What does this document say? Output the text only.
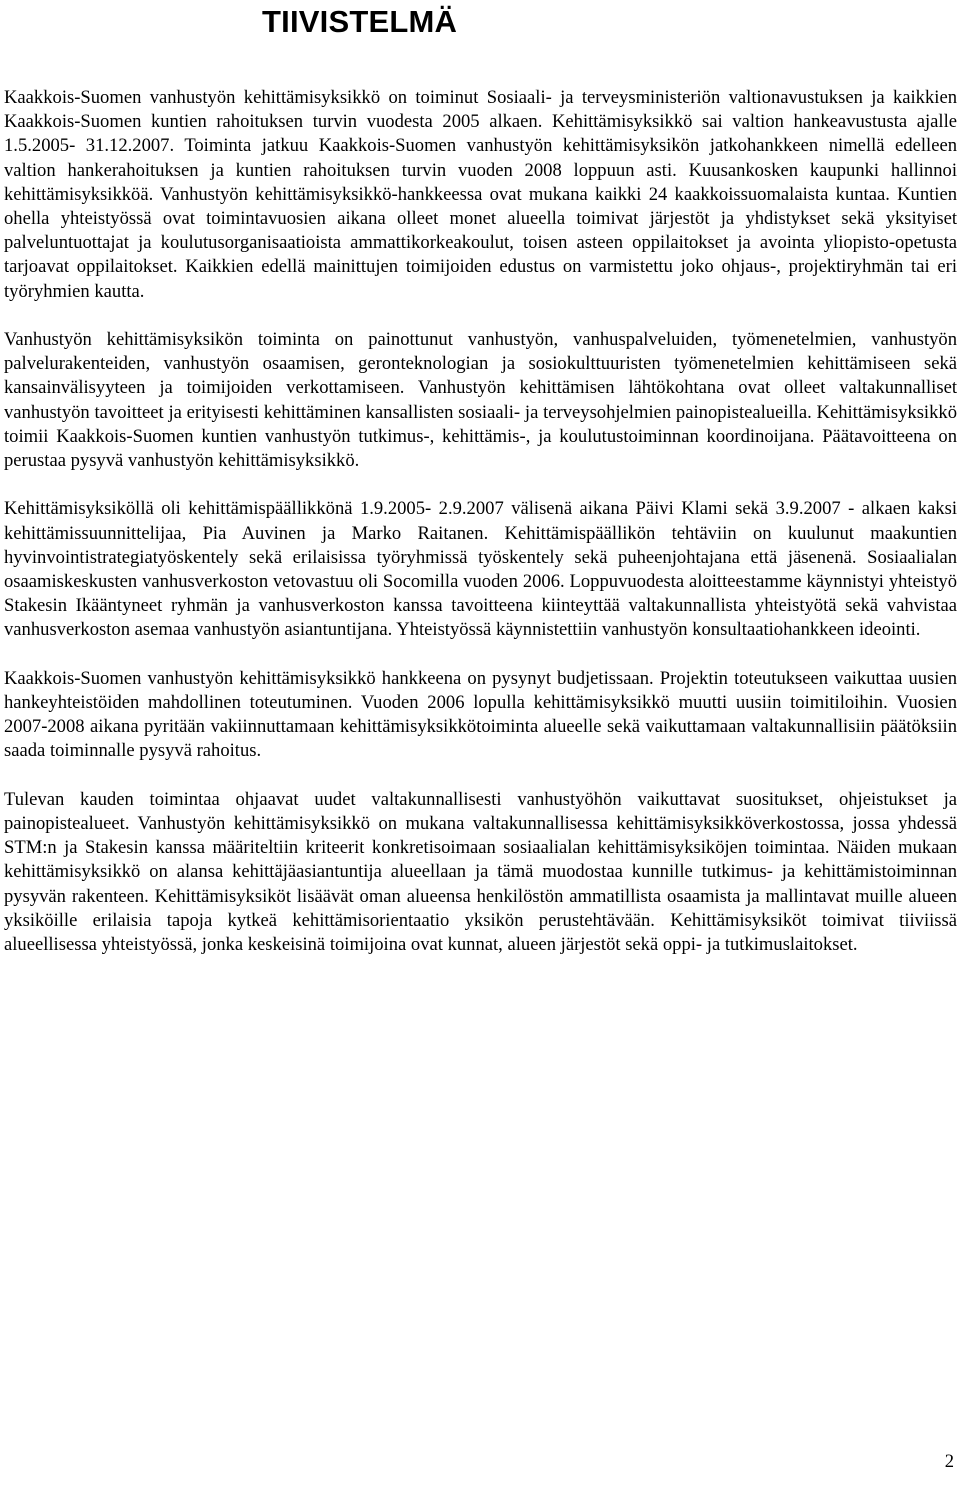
TIIVISTELMÄ

Kaakkois-Suomen vanhustyön kehittämisyksikkö on toiminut Sosiaali- ja terveysministeriön valtionavustuksen ja kaikkien Kaakkois-Suomen kuntien rahoituksen turvin vuodesta 2005 alkaen. Kehittämisyksikkö sai valtion hankeavustusta ajalle 1.5.2005- 31.12.2007. Toiminta jatkuu Kaakkois-Suomen vanhustyön kehittämisyksikön jatkohankkeen nimellä edelleen valtion hankerahoituksen ja kuntien rahoituksen turvin vuoden 2008 loppuun asti. Kuusankosken kaupunki hallinnoi kehittämisyksikköä. Vanhustyön kehittämisyksikkö-hankkeessa ovat mukana kaikki 24 kaakkoissuomalaista kuntaa. Kuntien ohella yhteistyössä ovat toimintavuosien aikana olleet monet alueella toimivat järjestöt ja yhdistykset sekä yksityiset palveluntuottajat ja koulutusorganisaatioista ammattikorkeakoulut, toisen asteen oppilaitokset ja avointa yliopisto-opetusta tarjoavat oppilaitokset. Kaikkien edellä mainittujen toimijoiden edustus on varmistettu joko ohjaus-, projektiryhmän tai eri työryhmien kautta.

Vanhustyön kehittämisyksikön toiminta on painottunut vanhustyön, vanhuspalveluiden, työmenetelmien, vanhustyön palvelurakenteiden, vanhustyön osaamisen, geronteknologian ja sosiokulttuuristen työmenetelmien kehittämiseen sekä kansainvälisyyteen ja toimijoiden verkottamiseen. Vanhustyön kehittämisen lähtökohtana ovat olleet valtakunnalliset vanhustyön tavoitteet ja erityisesti kehittäminen kansallisten sosiaali- ja terveysohjelmien painopistealueilla. Kehittämisyksikkö toimii Kaakkois-Suomen kuntien vanhustyön tutkimus-, kehittämis-, ja koulutustoiminnan koordinoijana. Päätavoitteena on perustaa pysyvä vanhustyön kehittämisyksikkö.

Kehittämisyksiköllä oli kehittämispäällikkönä 1.9.2005- 2.9.2007 välisenä aikana Päivi Klami sekä 3.9.2007 - alkaen kaksi kehittämissuunnittelijaa, Pia Auvinen ja Marko Raitanen. Kehittämispäällikön tehtäviin on kuulunut maakuntien hyvinvointistrategiatyöskentely sekä erilaisissa työryhmissä työskentely sekä puheenjohtajana että jäsenenä. Sosiaalialan osaamiskeskusten vanhusverkoston vetovastuu oli Socomilla vuoden 2006. Loppuvuodesta aloitteestamme käynnistyi yhteistyö Stakesin Ikääntyneet ryhmän ja vanhusverkoston kanssa tavoitteena kiinteyttää valtakunnallista yhteistyötä sekä vahvistaa vanhusverkoston asemaa vanhustyön asiantuntijana. Yhteistyössä käynnistettiin vanhustyön konsultaatiohankkeen ideointi.

Kaakkois-Suomen vanhustyön kehittämisyksikkö hankkeena on pysynyt budjetissaan. Projektin toteutukseen vaikuttaa uusien hankeyhteistöiden mahdollinen toteutuminen. Vuoden 2006 lopulla kehittämisyksikkö muutti uusiin toimitiloihin. Vuosien 2007-2008 aikana pyritään vakiinnuttamaan kehittämisyksikkötoiminta alueelle sekä vaikuttamaan valtakunnallisiin päätöksiin saada toiminnalle pysyvä rahoitus.

Tulevan kauden toimintaa ohjaavat uudet valtakunnallisesti vanhustyöhön vaikuttavat suositukset, ohjeistukset ja painopistealueet. Vanhustyön kehittämisyksikkö on mukana valtakunnallisessa kehittämisyksikköverkostossa, jossa yhdessä STM:n ja Stakesin kanssa määriteltiin kriteerit konkretisoimaan sosiaalialan kehittämisyksiköjen toimintaa. Näiden mukaan kehittämisyksikkö on alansa kehittäjäasiantuntija alueellaan ja tämä muodostaa kunnille tutkimus- ja kehittämistoiminnan pysyvän rakenteen. Kehittämisyksiköt lisäävät oman alueensa henkilöstön ammatillista osaamista ja mallintavat muille alueen yksiköille erilaisia tapoja kytkeä kehittämisorientaatio yksikön perustehtävään. Kehittämisyksiköt toimivat tiiviissä alueellisessa yhteistyössä, jonka keskeisinä toimijoina ovat kunnat, alueen järjestöt sekä oppi- ja tutkimuslaitokset.

2
